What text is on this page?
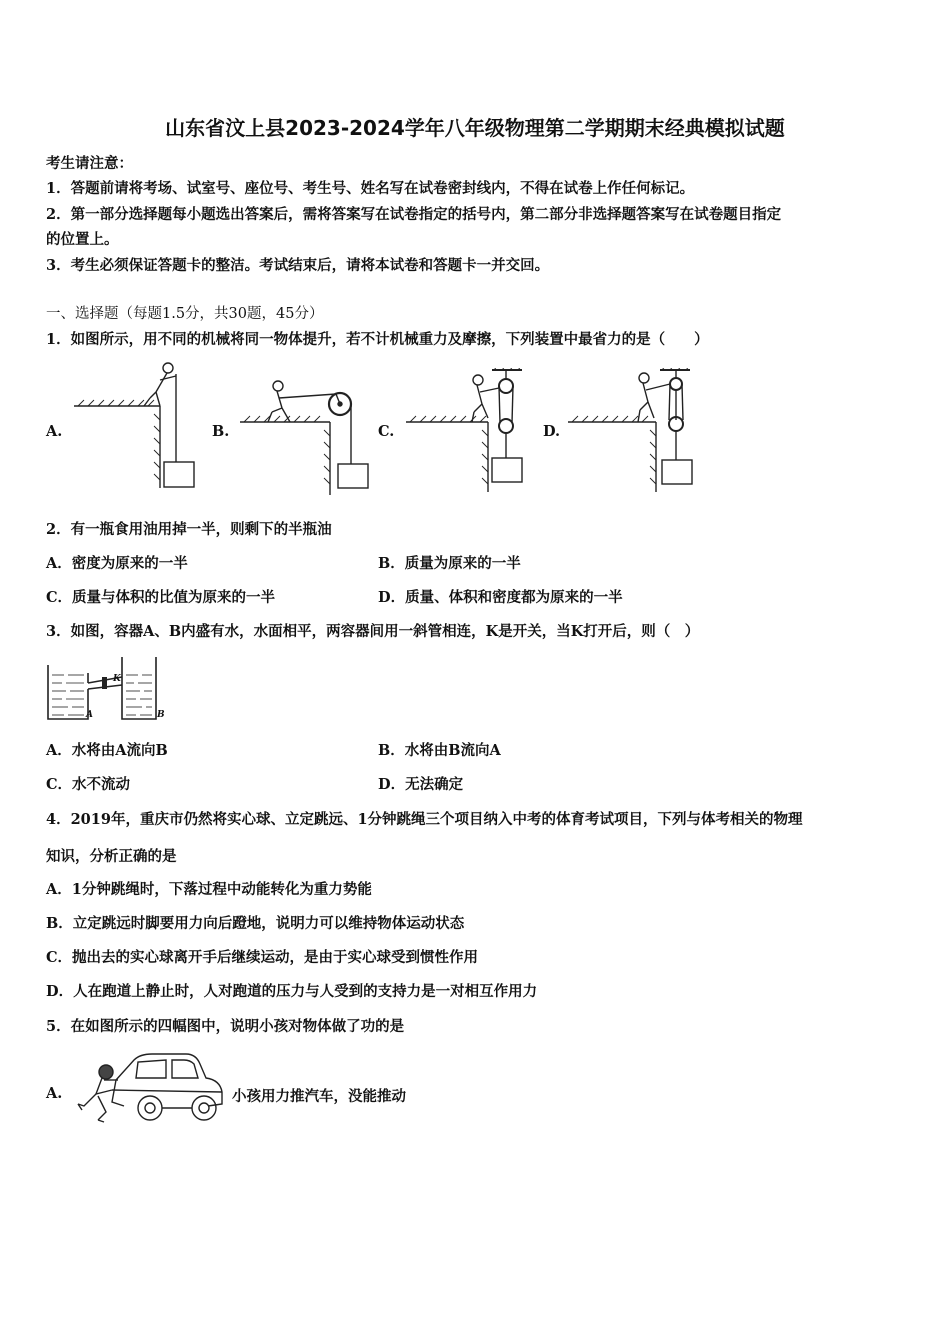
山东省汶上县2023-2024学年八年级物理第二学期期末经典模拟试题
考生请注意：
1．答题前请将考场、试室号、座位号、考生号、姓名写在试卷密封线内，不得在试卷上作任何标记。
2．第一部分选择题每小题选出答案后，需将答案写在试卷指定的括号内，第二部分非选择题答案写在试卷题目指定
的位置上。
3．考生必须保证答题卡的整洁。考试结束后，请将本试卷和答题卡一并交回。
一、选择题（每题1.5分，共30题，45分）
1．如图所示，用不同的机械将同一物体提升，若不计机械重力及摩擦，下列装置中最省力的是（　　）
A.	B.	C.	D.
2．有一瓶食用油用掉一半，则剩下的半瓶油
A．密度为原来的一半	B．质量为原来的一半
C．质量与体积的比值为原来的一半	D．质量、体积和密度都为原来的一半
3．如图，容器A、B内盛有水，水面相平，两容器间用一斜管相连，K是开关，当K打开后，则（　）
A
K
B
A．水将由A流向B	B．水将由B流向A
C．水不流动	D．无法确定
4．2019年，重庆市仍然将实心球、立定跳远、1分钟跳绳三个项目纳入中考的体育考试项目，下列与体考相关的物理
知识，分析正确的是
A．1分钟跳绳时，下落过程中动能转化为重力势能
B．立定跳远时脚要用力向后蹬地，说明力可以维持物体运动状态
C．抛出去的实心球离开手后继续运动，是由于实心球受到惯性作用
D．人在跑道上静止时，人对跑道的压力与人受到的支持力是一对相互作用力
5．在如图所示的四幅图中，说明小孩对物体做了功的是
A.	小孩用力推汽车，没能推动
